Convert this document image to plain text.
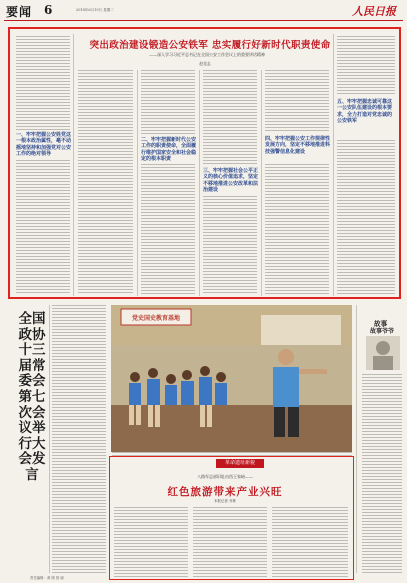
要闻 6	2018年6月19日 星期二	人民日报
突出政治建设锻造公安铁军 忠实履行好新时代职责使命
——深入学习习近平总书记在全国公安工作会议上的重要讲话精神
赵克志
一、牢牢把握公安姓党这一根本政治属性，毫不动摇地坚持和加强党对公安工作的绝对领导
二、牢牢把握新时代公安工作的职责使命，全面履行维护国家安全和社会稳定的根本职责
三、牢牢把握社会公平正义的核心价值追求，坚定不移地推进公安改革和法治建设
四、牢牢把握公安工作规律性发展方向，坚定不移地推进科技强警信息化建设
五、牢牢把握忠诚可靠这一公安队伍建设的根本要求，全力打造对党忠诚的公安铁军
全国政协十三届常委会第七次会议举行大会发言
党史国史教育基地
故事
故事爷爷
革命遗址新貌
八路军总部旧址由西王家峪——
红色旅游带来产业兴旺
本报记者 乔栋
责任编辑：黄 刚 郭 晓
